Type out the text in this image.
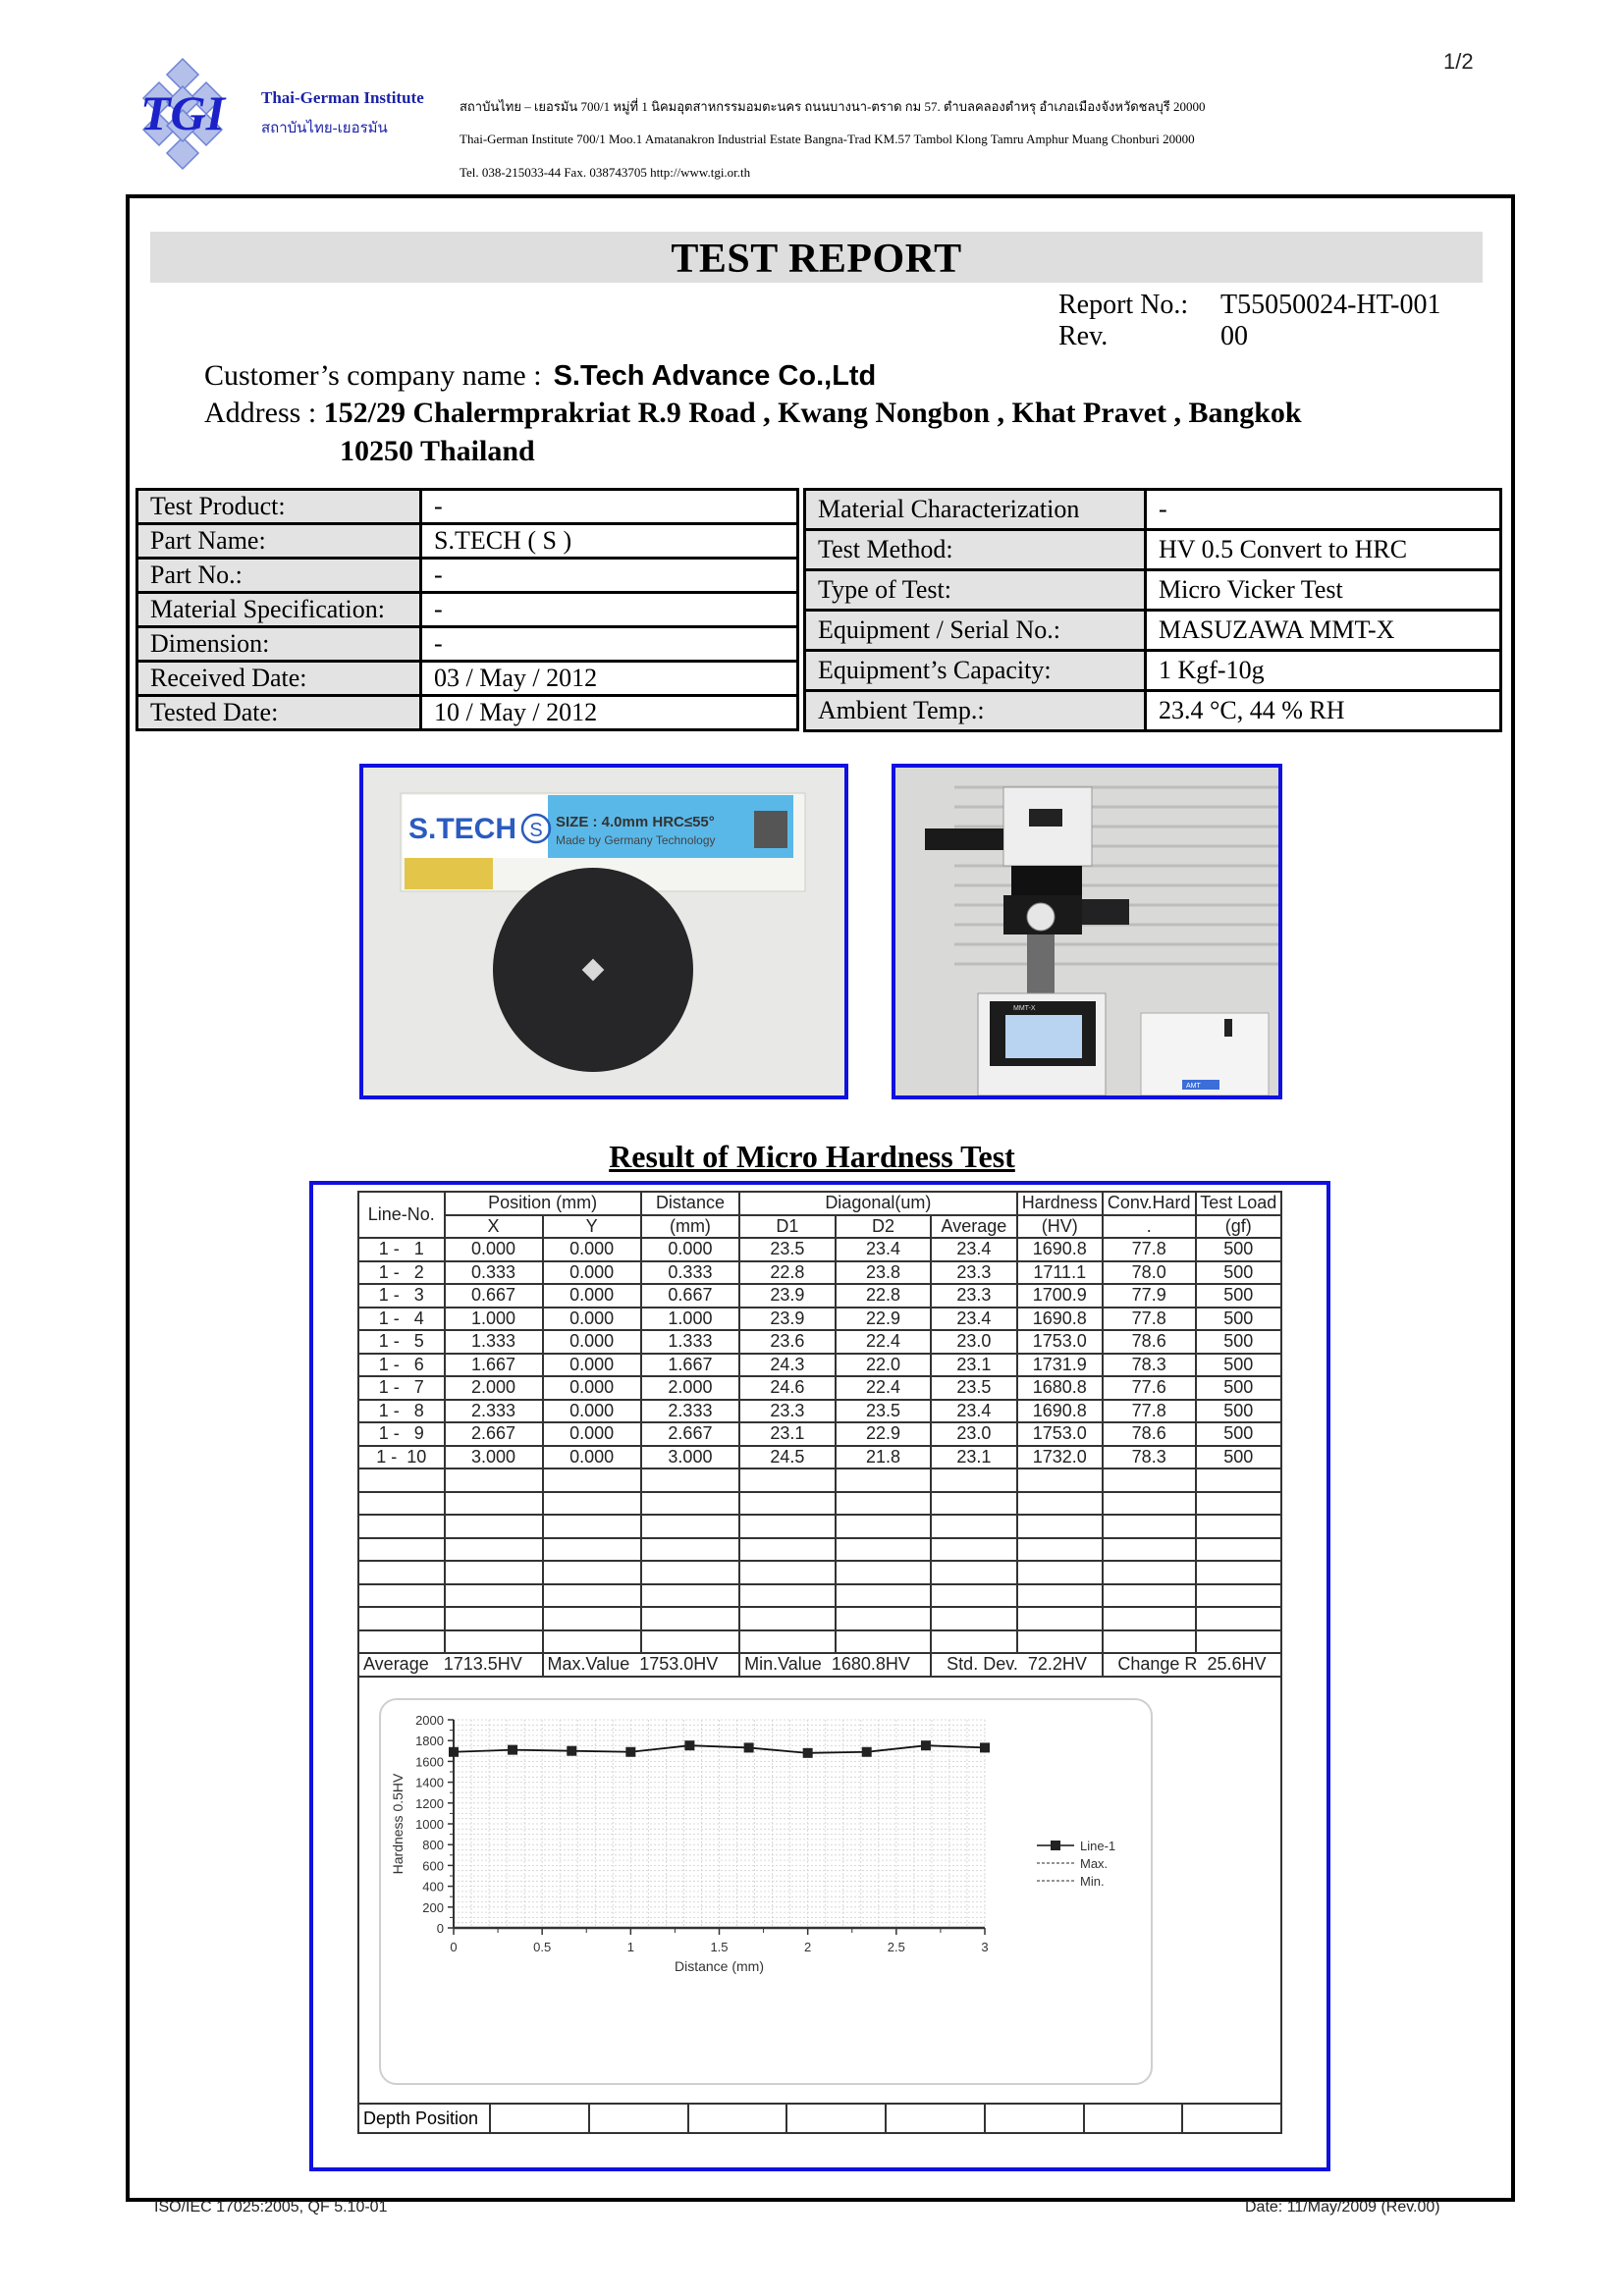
TGI Thai-German Institute
สถาบันไทย-เยอรมัน
สถาบันไทย – เยอรมัน 700/1 หมู่ที่ 1 นิคมอุตสาหกรรมอมตะนคร ถนนบางนา-ตราด กม 57. ตำบลคลองตำหรุ อำเภอเมืองจังหวัดชลบุรี 20000
Thai-German Institute 700/1 Moo.1 Amatanakron Industrial Estate Bangna-Trad KM.57 Tambol Klong Tamru Amphur Muang Chonburi 20000
Tel. 038-215033-44 Fax. 038743705 http://www.tgi.or.th
1/2
TEST REPORT
Report No.: T55050024-HT-001
Rev.	00
Customer’s company name : S.Tech Advance Co.,Ltd
Address : 152/29 Chalermprakriat R.9 Road , Kwang Nongbon , Khat Pravet , Bangkok
10250 Thailand
Test Product:	-
Part Name:	S.TECH ( S )
Part No.:	-
Material Specification:	-
Dimension:	-
Received Date:	03 / May / 2012
Tested Date:	10 / May / 2012
Material Characterization	-
Test Method:	HV 0.5 Convert to HRC
Type of Test:	Micro Vicker Test
Equipment / Serial No.:	MASUZAWA MMT-X
Equipment’s Capacity:	1 Kgf-10g
Ambient Temp.:	23.4 °C, 44 % RH
S.TECH S SIZE : 4.0mm HRC≤55°
Made by Germany Technology
MMT-X
AMT
Result of Micro Hardness Test
Line-No.	Position (mm)		Distance	Diagonal(um)			Hardness	Conv.Hard	Test Load
	X	Y	(mm)	D1	D2	Average	(HV)	.	(gf)
1 -   1	0.000	0.000	0.000	23.5	23.4	23.4	1690.8	77.8	500
1 -   2	0.333	0.000	0.333	22.8	23.8	23.3	1711.1	78.0	500
1 -   3	0.667	0.000	0.667	23.9	22.8	23.3	1700.9	77.9	500
1 -   4	1.000	0.000	1.000	23.9	22.9	23.4	1690.8	77.8	500
1 -   5	1.333	0.000	1.333	23.6	22.4	23.0	1753.0	78.6	500
1 -   6	1.667	0.000	1.667	24.3	22.0	23.1	1731.9	78.3	500
1 -   7	2.000	0.000	2.000	24.6	22.4	23.5	1680.8	77.6	500
1 -   8	2.333	0.000	2.333	23.3	23.5	23.4	1690.8	77.8	500
1 -   9	2.667	0.000	2.667	23.1	22.9	23.0	1753.0	78.6	500
1 -  10	3.000	0.000	3.000	24.5	21.8	23.1	1732.0	78.3	500

Average 1713.5HV		Max.Value 1753.0HV		Min.Value 1680.8HV		Std. Dev. 72.2HV		Change R 25.6HV	
0
200
400
600
800
1000
1200
1400
1600
1800
2000
0	0.5	1	1.5	2	2.5	3
Distance (mm)
Hardness 0.5HV	Line-1
Max.
Min.
Depth Position								
ISO/IEC 17025:2005, QF 5.10-01	Date: 11/May/2009 (Rev.00)
